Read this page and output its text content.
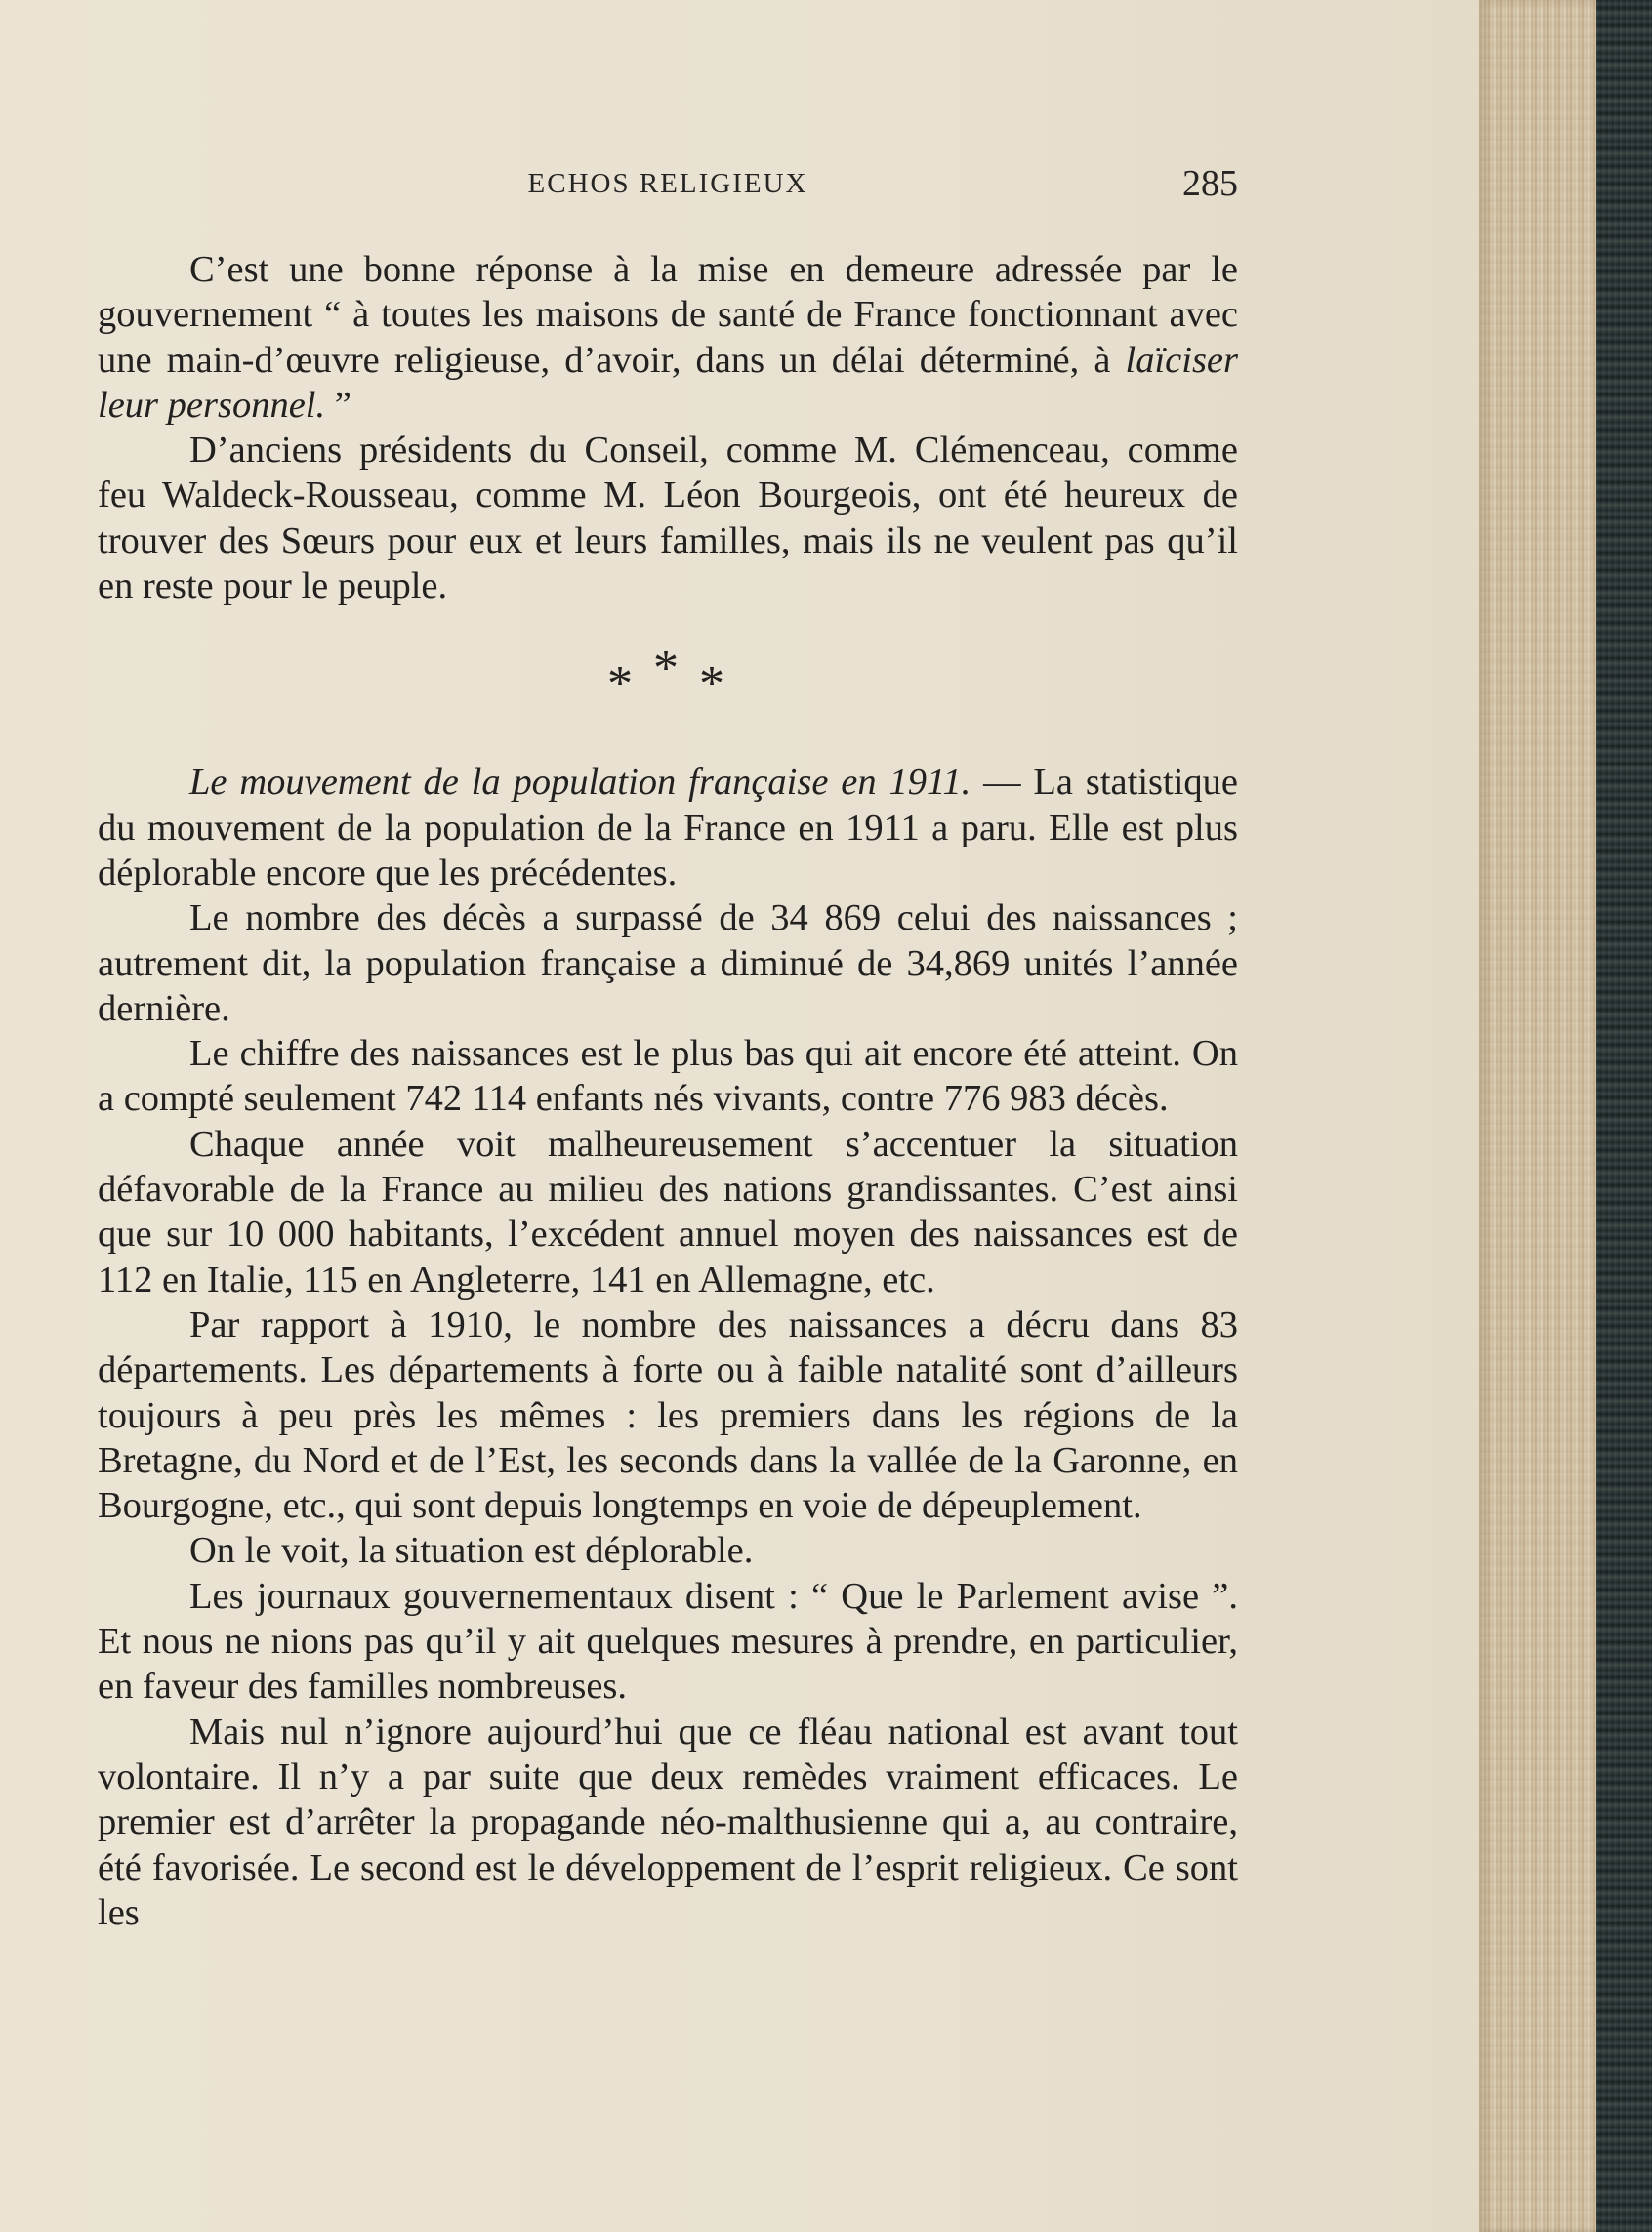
ECHOS RELIGIEUX	285

C’est une bonne réponse à la mise en demeure adressée par le gouvernement “ à toutes les maisons de santé de France fonctionnant avec une main-d’œuvre religieuse, d’avoir, dans un délai déterminé, à laïciser leur personnel. ”

D’anciens présidents du Conseil, comme M. Clémenceau, comme feu Waldeck-Rousseau, comme M. Léon Bourgeois, ont été heureux de trouver des Sœurs pour eux et leurs familles, mais ils ne veulent pas qu’il en reste pour le peuple.

* * *

Le mouvement de la population française en 1911. — La statistique du mouvement de la population de la France en 1911 a paru. Elle est plus déplorable encore que les précédentes.

Le nombre des décès a surpassé de 34 869 celui des naissances ; autrement dit, la population française a diminué de 34,869 unités l’année dernière.

Le chiffre des naissances est le plus bas qui ait encore été atteint. On a compté seulement 742 114 enfants nés vivants, contre 776 983 décès.

Chaque année voit malheureusement s’accentuer la situation défavorable de la France au milieu des nations grandissantes. C’est ainsi que sur 10 000 habitants, l’excédent annuel moyen des naissances est de 112 en Italie, 115 en Angleterre, 141 en Allemagne, etc.

Par rapport à 1910, le nombre des naissances a décru dans 83 départements. Les départements à forte ou à faible natalité sont d’ailleurs toujours à peu près les mêmes : les premiers dans les régions de la Bretagne, du Nord et de l’Est, les seconds dans la vallée de la Garonne, en Bourgogne, etc., qui sont depuis longtemps en voie de dépeuplement.

On le voit, la situation est déplorable.

Les journaux gouvernementaux disent : “ Que le Parlement avise ”. Et nous ne nions pas qu’il y ait quelques mesures à prendre, en particulier, en faveur des familles nombreuses.

Mais nul n’ignore aujourd’hui que ce fléau national est avant tout volontaire. Il n’y a par suite que deux remèdes vraiment efficaces. Le premier est d’arrêter la propagande néo-malthusienne qui a, au contraire, été favorisée. Le second est le développement de l’esprit religieux. Ce sont les
